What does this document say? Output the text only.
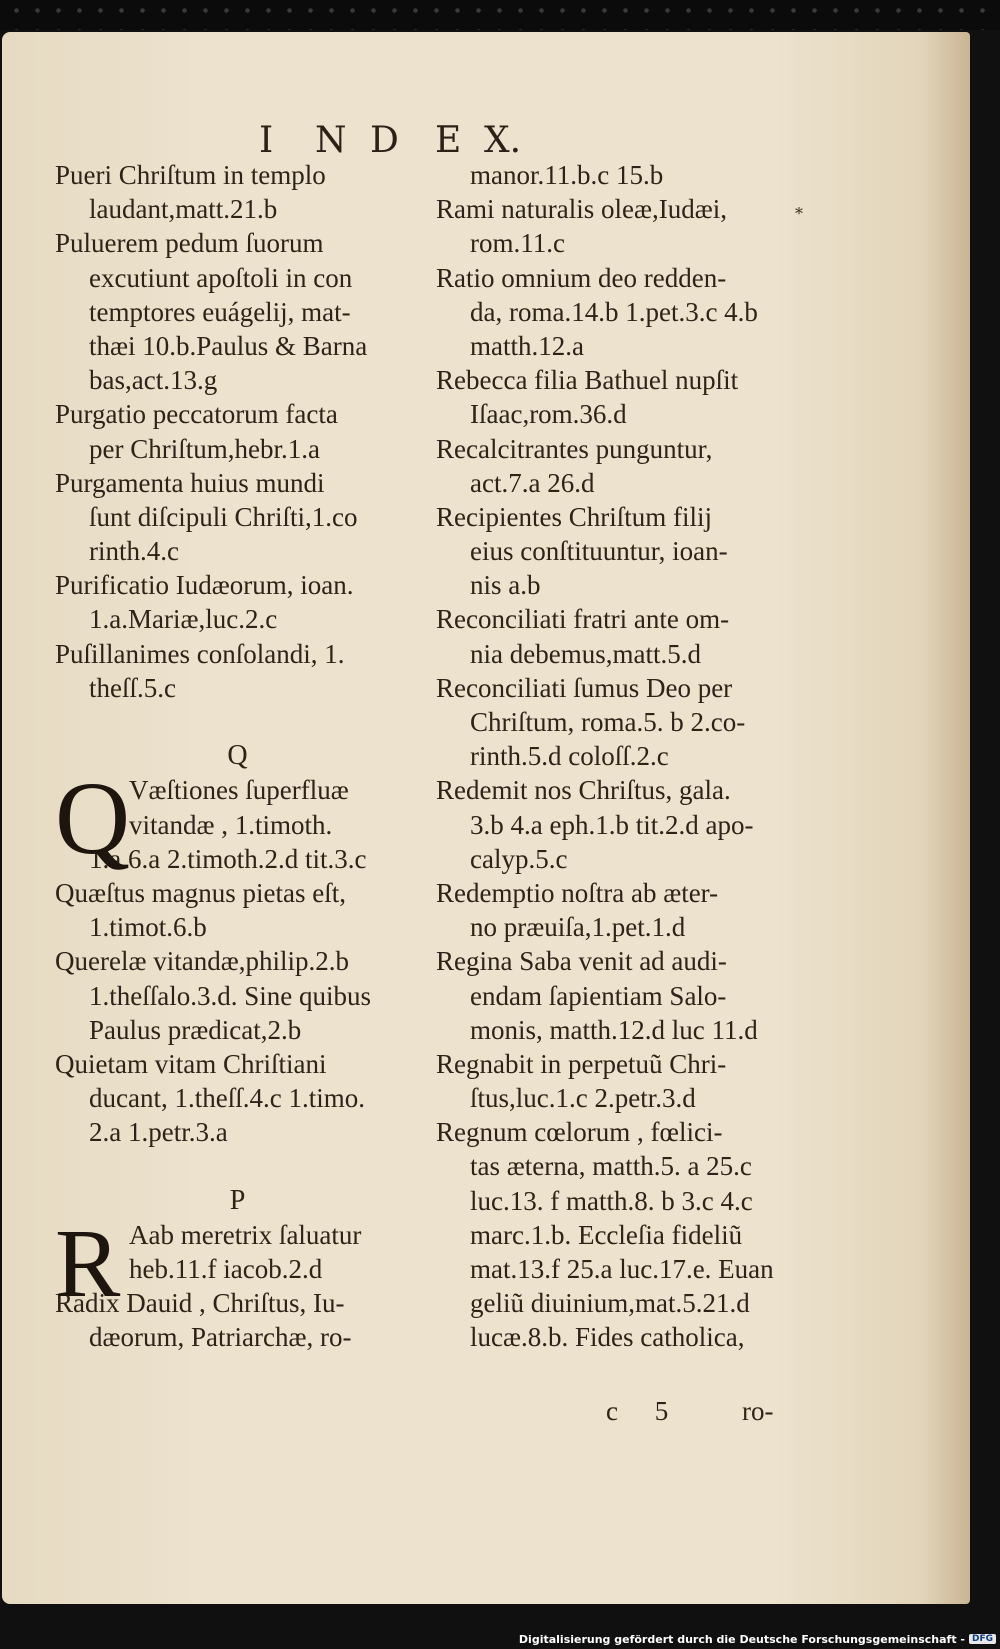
I N D E X.
*
Pueri Chriſtum in templo
laudant,matt.21.b
Puluerem pedum ſuorum
excutiunt apoſtoli in con
temptores euágelij, mat-
thæi 10.b.Paulus & Barna
bas,act.13.g
Purgatio peccatorum facta
per Chriſtum,hebr.1.a
Purgamenta huius mundi
ſunt diſcipuli Chriſti,1.co
rinth.4.c
Purificatio Iudæorum, ioan.
1.a.Mariæ,luc.2.c
Puſillanimes conſolandi, 1.
theſſ.5.c
Q
Q
Væſtiones ſuperfluæ
vitandæ , 1.timoth.
1.a 6.a 2.timoth.2.d tit.3.c
Quæſtus magnus pietas eſt,
1.timot.6.b
Querelæ vitandæ,philip.2.b
1.theſſalo.3.d. Sine quibus
Paulus prædicat,2.b
Quietam vitam Chriſtiani
ducant, 1.theſſ.4.c 1.timo.
2.a 1.petr.3.a
P
R Aab meretrix ſaluatur
heb.11.f iacob.2.d
Radix Dauid , Chriſtus, Iu-
dæorum, Patriarchæ, ro-
manor.11.b.c 15.b
Rami naturalis oleæ,Iudæi,
rom.11.c
Ratio omnium deo redden-
da, roma.14.b 1.pet.3.c 4.b
matth.12.a
Rebecca filia Bathuel nupſit
Iſaac,rom.36.d
Recalcitrantes punguntur,
act.7.a 26.d
Recipientes Chriſtum filij
eius conſtituuntur, ioan-
nis a.b
Reconciliati fratri ante om-
nia debemus,matt.5.d
Reconciliati ſumus Deo per
Chriſtum, roma.5. b 2.co-
rinth.5.d coloſſ.2.c
Redemit nos Chriſtus, gala.
3.b 4.a eph.1.b tit.2.d apo-
calyp.5.c
Redemptio noſtra ab æter-
no præuiſa,1.pet.1.d
Regina Saba venit ad audi-
endam ſapientiam Salo-
monis, matth.12.d luc 11.d
Regnabit in perpetuũ Chri-
ſtus,luc.1.c 2.petr.3.d
Regnum cœlorum , fœlici-
tas æterna, matth.5. a 25.c
luc.13. f matth.8. b 3.c 4.c
marc.1.b. Eccleſia fideliũ
mat.13.f 25.a luc.17.e. Euan
geliũ diuinium,mat.5.21.d
lucæ.8.b. Fides catholica,
c 5	ro-
Digitalisierung gefördert durch die Deutsche Forschungsgemeinschaft - DFG
